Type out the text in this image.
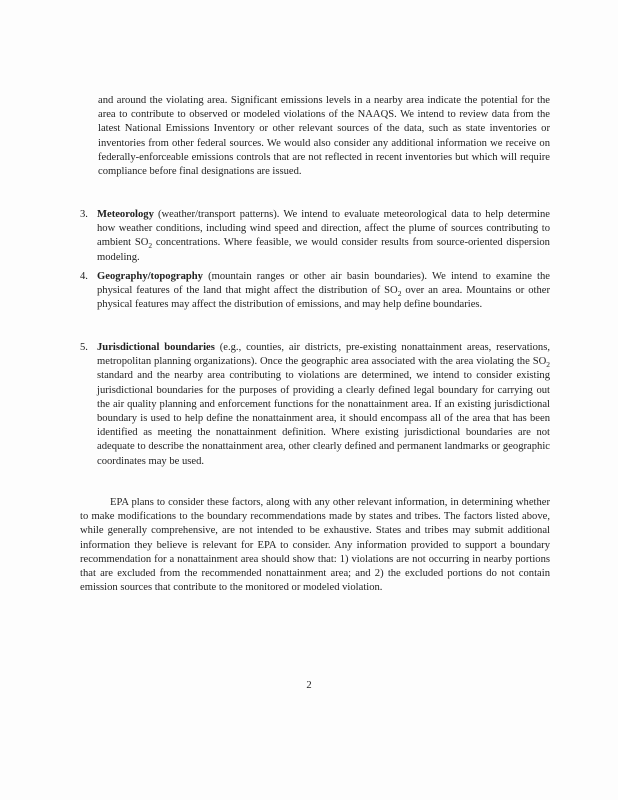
and around the violating area. Significant emissions levels in a nearby area indicate the potential for the area to contribute to observed or modeled violations of the NAAQS. We intend to review data from the latest National Emissions Inventory or other relevant sources of the data, such as state inventories or inventories from other federal sources. We would also consider any additional information we receive on federally-enforceable emissions controls that are not reflected in recent inventories but which will require compliance before final designations are issued.

3. Meteorology (weather/transport patterns). We intend to evaluate meteorological data to help determine how weather conditions, including wind speed and direction, affect the plume of sources contributing to ambient $SO_2$ concentrations. Where feasible, we would consider results from source-oriented dispersion modeling.

4. Geography/topography (mountain ranges or other air basin boundaries). We intend to examine the physical features of the land that might affect the distribution of $SO_2$ over an area. Mountains or other physical features may affect the distribution of emissions, and may help define boundaries.

5. Jurisdictional boundaries (e.g., counties, air districts, pre-existing nonattainment areas, reservations, metropolitan planning organizations). Once the geographic area associated with the area violating the $SO_2$ standard and the nearby area contributing to violations are determined, we intend to consider existing jurisdictional boundaries for the purposes of providing a clearly defined legal boundary for carrying out the air quality planning and enforcement functions for the nonattainment area. If an existing jurisdictional boundary is used to help define the nonattainment area, it should encompass all of the area that has been identified as meeting the nonattainment definition. Where existing jurisdictional boundaries are not adequate to describe the nonattainment area, other clearly defined and permanent landmarks or geographic coordinates may be used.

EPA plans to consider these factors, along with any other relevant information, in determining whether to make modifications to the boundary recommendations made by states and tribes. The factors listed above, while generally comprehensive, are not intended to be exhaustive. States and tribes may submit additional information they believe is relevant for EPA to consider. Any information provided to support a boundary recommendation for a nonattainment area should show that: 1) violations are not occurring in nearby portions that are excluded from the recommended nonattainment area; and 2) the excluded portions do not contain emission sources that contribute to the monitored or modeled violation.

2
